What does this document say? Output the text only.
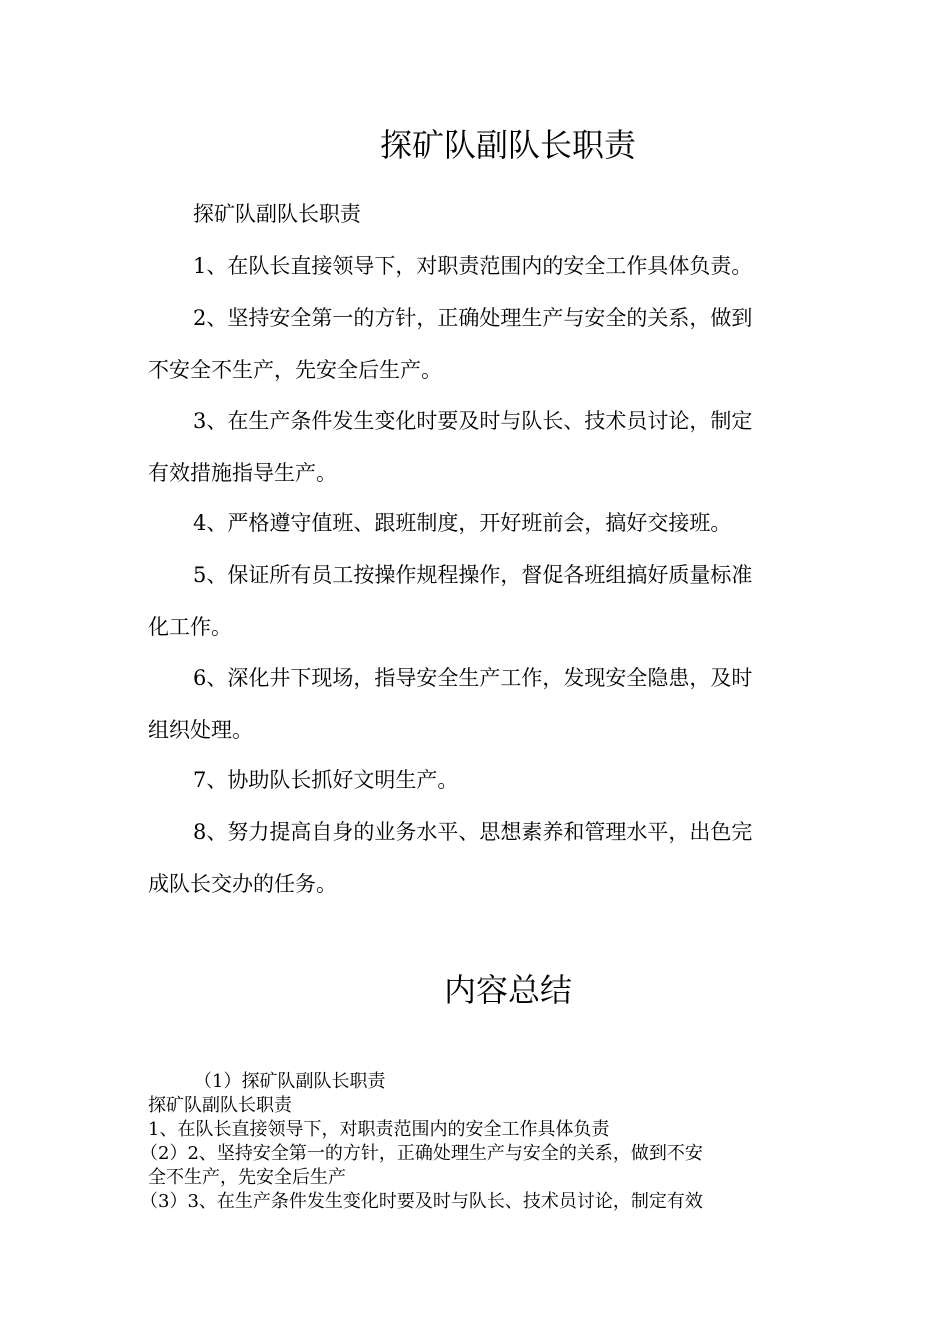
探矿队副队长职责
探矿队副队长职责
1、在队长直接领导下，对职责范围内的安全工作具体负责。
2、坚持安全第一的方针，正确处理生产与安全的关系，做到
不安全不生产，先安全后生产。
3、在生产条件发生变化时要及时与队长、技术员讨论，制定
有效措施指导生产。
4、严格遵守值班、跟班制度，开好班前会，搞好交接班。
5、保证所有员工按操作规程操作，督促各班组搞好质量标准
化工作。
6、深化井下现场，指导安全生产工作，发现安全隐患，及时
组织处理。
7、协助队长抓好文明生产。
8、努力提高自身的业务水平、思想素养和管理水平，出色完
成队长交办的任务。
内容总结
（1）探矿队副队长职责
探矿队副队长职责
1、在队长直接领导下，对职责范围内的安全工作具体负责
（2）2、坚持安全第一的方针，正确处理生产与安全的关系，做到不安
全不生产，先安全后生产
（3）3、在生产条件发生变化时要及时与队长、技术员讨论，制定有效
